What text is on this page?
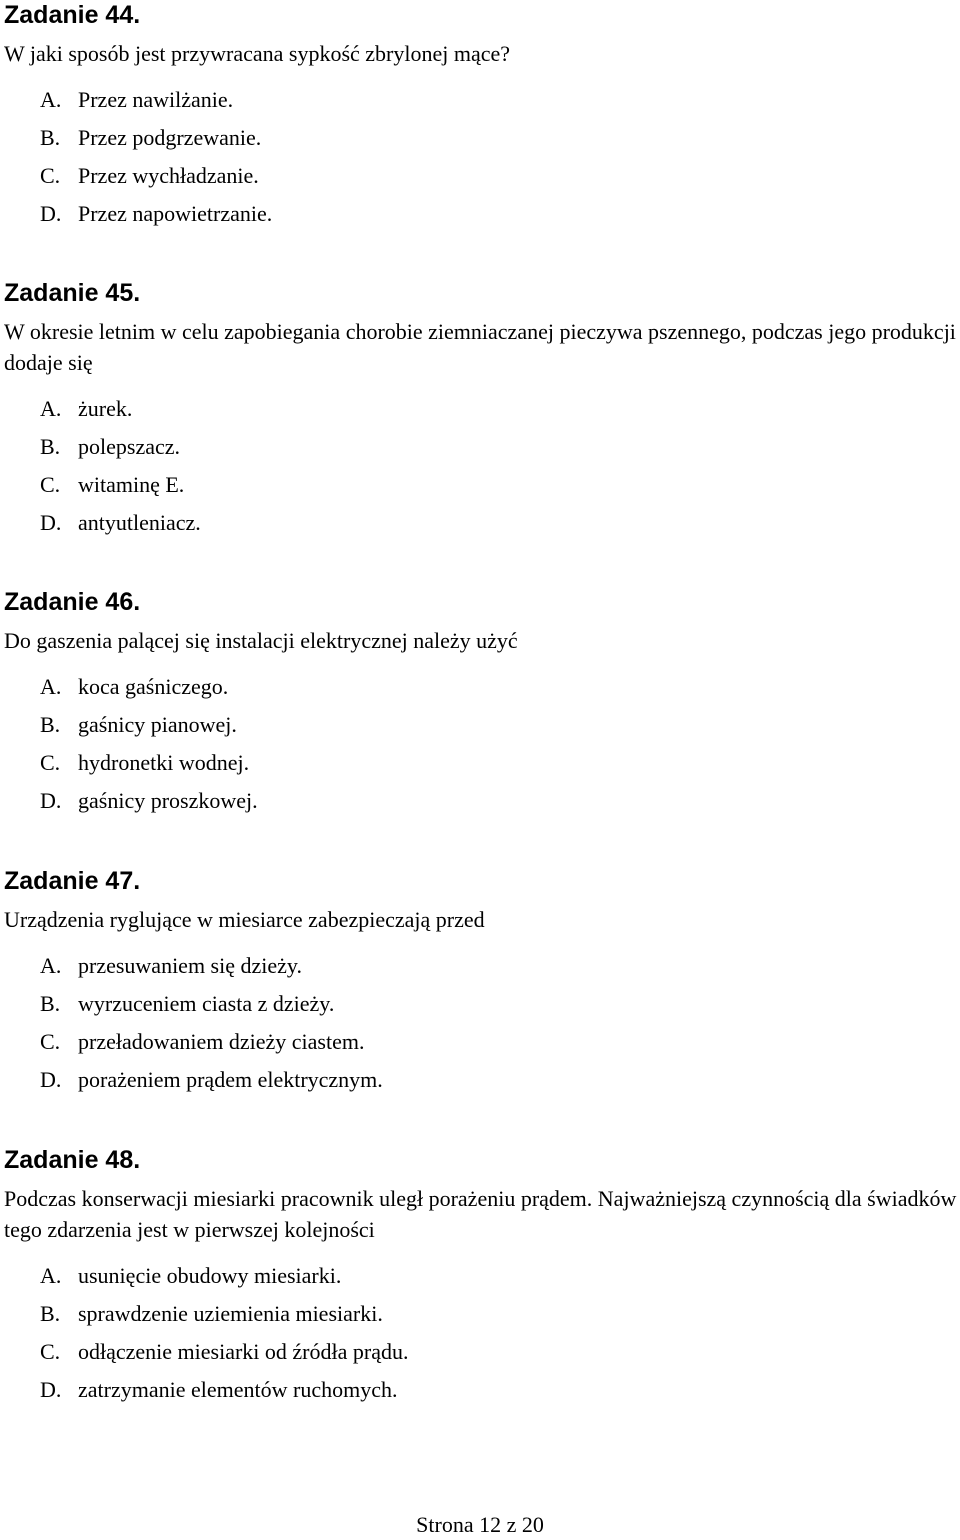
Zadanie 44.

W jaki sposób jest przywracana sypkość zbrylonej mące?

A. Przez nawilżanie.
B. Przez podgrzewanie.
C. Przez wychładzanie.
D. Przez napowietrzanie.
Zadanie 45.

W okresie letnim w celu zapobiegania chorobie ziemniaczanej pieczywa pszennego, podczas jego produkcji dodaje się

A. żurek.
B. polepszacz.
C. witaminę E.
D. antyutleniacz.
Zadanie 46.

Do gaszenia palącej się instalacji elektrycznej należy użyć

A. koca gaśniczego.
B. gaśnicy pianowej.
C. hydronetki wodnej.
D. gaśnicy proszkowej.
Zadanie 47.

Urządzenia ryglujące w miesiarce zabezpieczają przed

A. przesuwaniem się dzieży.
B. wyrzuceniem ciasta z dzieży.
C. przeładowaniem dzieży ciastem.
D. porażeniem prądem elektrycznym.
Zadanie 48.

Podczas konserwacji miesiarki pracownik uległ porażeniu prądem. Najważniejszą czynnością dla świadków tego zdarzenia jest w pierwszej kolejności

A. usunięcie obudowy miesiarki.
B. sprawdzenie uziemienia miesiarki.
C. odłączenie miesiarki od źródła prądu.
D. zatrzymanie elementów ruchomych.
Strona 12 z 20
